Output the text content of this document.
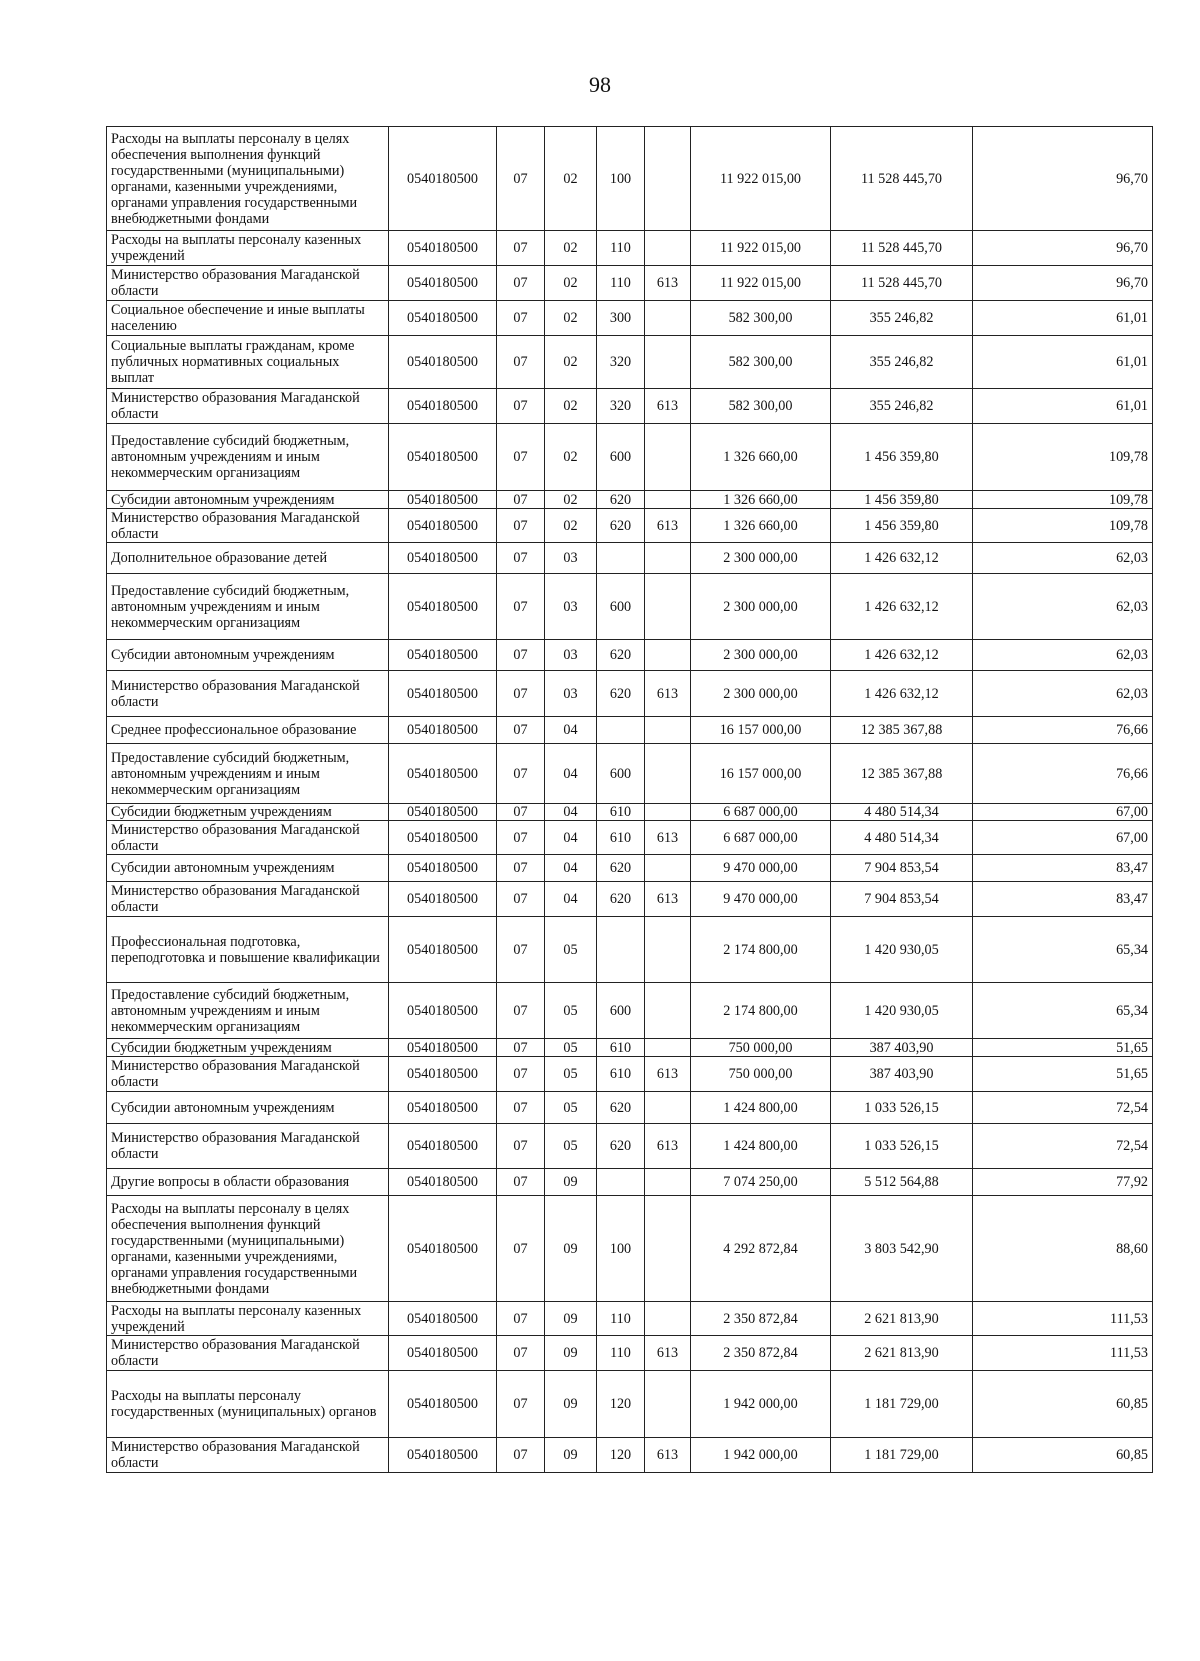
98
Расходы на выплаты персоналу в целях обеспечения выполнения функций государственными (муниципальными) органами, казенными учреждениями, органами управления государственными внебюджетными фондами	0540180500	07	02	100		11 922 015,00	11 528 445,70	96,70
Расходы на выплаты персоналу казенных учреждений	0540180500	07	02	110		11 922 015,00	11 528 445,70	96,70
Министерство образования Магаданской области	0540180500	07	02	110	613	11 922 015,00	11 528 445,70	96,70
Социальное обеспечение и иные выплаты населению	0540180500	07	02	300		582 300,00	355 246,82	61,01
Социальные выплаты гражданам, кроме публичных нормативных социальных выплат	0540180500	07	02	320		582 300,00	355 246,82	61,01
Министерство образования Магаданской области	0540180500	07	02	320	613	582 300,00	355 246,82	61,01
Предоставление субсидий бюджетным, автономным учреждениям и иным некоммерческим организациям	0540180500	07	02	600		1 326 660,00	1 456 359,80	109,78
Субсидии автономным учреждениям	0540180500	07	02	620		1 326 660,00	1 456 359,80	109,78
Министерство образования Магаданской области	0540180500	07	02	620	613	1 326 660,00	1 456 359,80	109,78
Дополнительное образование детей	0540180500	07	03			2 300 000,00	1 426 632,12	62,03
Предоставление субсидий бюджетным, автономным учреждениям и иным некоммерческим организациям	0540180500	07	03	600		2 300 000,00	1 426 632,12	62,03
Субсидии автономным учреждениям	0540180500	07	03	620		2 300 000,00	1 426 632,12	62,03
Министерство образования Магаданской области	0540180500	07	03	620	613	2 300 000,00	1 426 632,12	62,03
Среднее профессиональное образование	0540180500	07	04			16 157 000,00	12 385 367,88	76,66
Предоставление субсидий бюджетным, автономным учреждениям и иным некоммерческим организациям	0540180500	07	04	600		16 157 000,00	12 385 367,88	76,66
Субсидии бюджетным учреждениям	0540180500	07	04	610		6 687 000,00	4 480 514,34	67,00
Министерство образования Магаданской области	0540180500	07	04	610	613	6 687 000,00	4 480 514,34	67,00
Субсидии автономным учреждениям	0540180500	07	04	620		9 470 000,00	7 904 853,54	83,47
Министерство образования Магаданской области	0540180500	07	04	620	613	9 470 000,00	7 904 853,54	83,47
Профессиональная подготовка, переподготовка и повышение квалификации	0540180500	07	05			2 174 800,00	1 420 930,05	65,34
Предоставление субсидий бюджетным, автономным учреждениям и иным некоммерческим организациям	0540180500	07	05	600		2 174 800,00	1 420 930,05	65,34
Субсидии бюджетным учреждениям	0540180500	07	05	610		750 000,00	387 403,90	51,65
Министерство образования Магаданской области	0540180500	07	05	610	613	750 000,00	387 403,90	51,65
Субсидии автономным учреждениям	0540180500	07	05	620		1 424 800,00	1 033 526,15	72,54
Министерство образования Магаданской области	0540180500	07	05	620	613	1 424 800,00	1 033 526,15	72,54
Другие вопросы в области образования	0540180500	07	09			7 074 250,00	5 512 564,88	77,92
Расходы на выплаты персоналу в целях обеспечения выполнения функций государственными (муниципальными) органами, казенными учреждениями, органами управления государственными внебюджетными фондами	0540180500	07	09	100		4 292 872,84	3 803 542,90	88,60
Расходы на выплаты персоналу казенных учреждений	0540180500	07	09	110		2 350 872,84	2 621 813,90	111,53
Министерство образования Магаданской области	0540180500	07	09	110	613	2 350 872,84	2 621 813,90	111,53
Расходы на выплаты персоналу государственных (муниципальных) органов	0540180500	07	09	120		1 942 000,00	1 181 729,00	60,85
Министерство образования Магаданской области	0540180500	07	09	120	613	1 942 000,00	1 181 729,00	60,85
